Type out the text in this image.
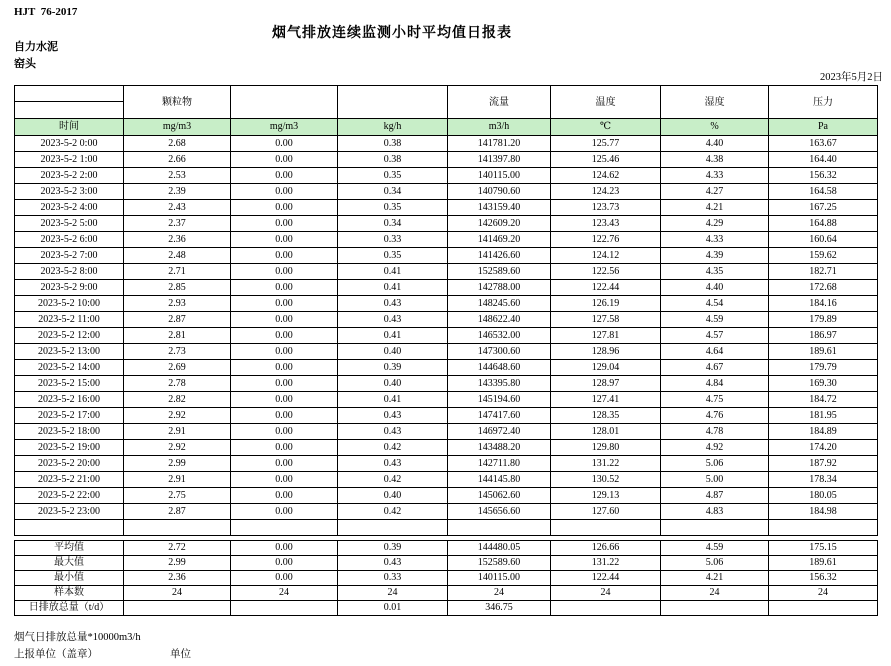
HJT  76-2017
烟气排放连续监测小时平均值日报表
自力水泥
窑头
2023年5月2日
	颗粒物			流量	温度	湿度	压力

时间	mg/m3	mg/m3	kg/h	m3/h	℃	%	Pa
2023-5-2 0:00	2.68	0.00	0.38	141781.20	125.77	4.40	163.67
2023-5-2 1:00	2.66	0.00	0.38	141397.80	125.46	4.38	164.40
2023-5-2 2:00	2.53	0.00	0.35	140115.00	124.62	4.33	156.32
2023-5-2 3:00	2.39	0.00	0.34	140790.60	124.23	4.27	164.58
2023-5-2 4:00	2.43	0.00	0.35	143159.40	123.73	4.21	167.25
2023-5-2 5:00	2.37	0.00	0.34	142609.20	123.43	4.29	164.88
2023-5-2 6:00	2.36	0.00	0.33	141469.20	122.76	4.33	160.64
2023-5-2 7:00	2.48	0.00	0.35	141426.60	124.12	4.39	159.62
2023-5-2 8:00	2.71	0.00	0.41	152589.60	122.56	4.35	182.71
2023-5-2 9:00	2.85	0.00	0.41	142788.00	122.44	4.40	172.68
2023-5-2 10:00	2.93	0.00	0.43	148245.60	126.19	4.54	184.16
2023-5-2 11:00	2.87	0.00	0.43	148622.40	127.58	4.59	179.89
2023-5-2 12:00	2.81	0.00	0.41	146532.00	127.81	4.57	186.97
2023-5-2 13:00	2.73	0.00	0.40	147300.60	128.96	4.64	189.61
2023-5-2 14:00	2.69	0.00	0.39	144648.60	129.04	4.67	179.79
2023-5-2 15:00	2.78	0.00	0.40	143395.80	128.97	4.84	169.30
2023-5-2 16:00	2.82	0.00	0.41	145194.60	127.41	4.75	184.72
2023-5-2 17:00	2.92	0.00	0.43	147417.60	128.35	4.76	181.95
2023-5-2 18:00	2.91	0.00	0.43	146972.40	128.01	4.78	184.89
2023-5-2 19:00	2.92	0.00	0.42	143488.20	129.80	4.92	174.20
2023-5-2 20:00	2.99	0.00	0.43	142711.80	131.22	5.06	187.92
2023-5-2 21:00	2.91	0.00	0.42	144145.80	130.52	5.00	178.34
2023-5-2 22:00	2.75	0.00	0.40	145062.60	129.13	4.87	180.05
2023-5-2 23:00	2.87	0.00	0.42	145656.60	127.60	4.83	184.98

平均值	2.72	0.00	0.39	144480.05	126.66	4.59	175.15
最大值	2.99	0.00	0.43	152589.60	131.22	5.06	189.61
最小值	2.36	0.00	0.33	140115.00	122.44	4.21	156.32
样本数	24	24	24	24	24	24	24
日排放总量（t/d）			0.01	346.75			
烟气日排放总量*10000m3/h
上报单位（盖章）	单位
